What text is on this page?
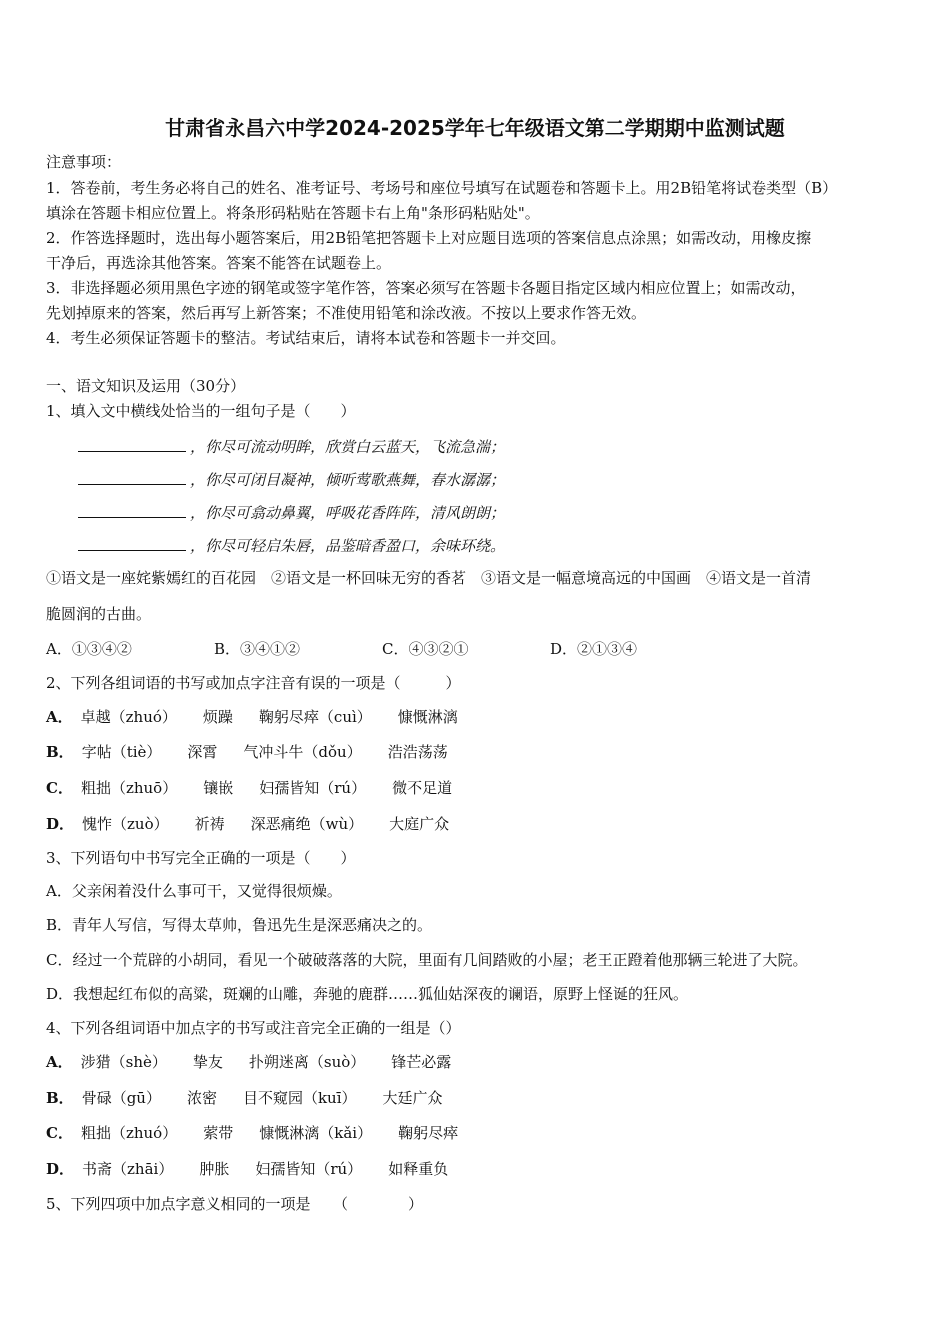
甘肃省永昌六中学2024-2025学年七年级语文第二学期期中监测试题
注意事项：
1．答卷前，考生务必将自己的姓名、准考证号、考场号和座位号填写在试题卷和答题卡上。用2B铅笔将试卷类型（B）
填涂在答题卡相应位置上。将条形码粘贴在答题卡右上角"条形码粘贴处"。
2．作答选择题时，选出每小题答案后，用2B铅笔把答题卡上对应题目选项的答案信息点涂黑；如需改动，用橡皮擦
干净后，再选涂其他答案。答案不能答在试题卷上。
3．非选择题必须用黑色字迹的钢笔或签字笔作答，答案必须写在答题卡各题目指定区域内相应位置上；如需改动，
先划掉原来的答案，然后再写上新答案；不准使用铅笔和涂改液。不按以上要求作答无效。
4．考生必须保证答题卡的整洁。考试结束后，请将本试卷和答题卡一并交回。
一、语文知识及运用（30分）
1、填入文中横线处恰当的一组句子是（　　）
，你尽可流动明眸，欣赏白云蓝天，飞流急湍；
，你尽可闭目凝神，倾听莺歌燕舞，春水潺潺；
，你尽可翕动鼻翼，呼吸花香阵阵，清风朗朗；
，你尽可轻启朱唇，品鉴暗香盈口，余味环绕。
①语文是一座姹紫嫣红的百花园　②语文是一杯回味无穷的香茗　③语文是一幅意境高远的中国画　④语文是一首清
脆圆润的古曲。
A．①③④②	B．③④①②	C．④③②①	D．②①③④
2、下列各组词语的书写或加点字注音有误的一项是（　　　）
A． 卓越（zhuó） 烦躁 鞠躬尽瘁（cuì） 慷慨淋漓
B． 字帖（tiè） 深霄 气冲斗牛（dǒu） 浩浩荡荡
C． 粗拙（zhuō） 镶嵌 妇孺皆知（rú） 微不足道
D． 愧怍（zuò） 祈祷 深恶痛绝（wù） 大庭广众
3、下列语句中书写完全正确的一项是（　　）
A．父亲闲着没什么事可干，又觉得很烦燥。
B．青年人写信，写得太草帅，鲁迅先生是深恶痛决之的。
C．经过一个荒辟的小胡同，看见一个破破落落的大院，里面有几间踏败的小屋；老王正蹬着他那辆三轮进了大院。
D．我想起红布似的高粱，斑斓的山雕，奔驰的鹿群……狐仙姑深夜的谰语，原野上怪诞的狂风。
4、下列各组词语中加点字的书写或注音完全正确的一组是（）
A． 涉猎（shè） 挚友 扑朔迷离（suò） 锋芒必露
B． 骨碌（gū） 浓密 目不窥园（kuī） 大廷广众
C． 粗拙（zhuó） 萦带 慷慨淋漓（kǎi） 鞠躬尽瘁
D． 书斋（zhāi） 肿胀 妇孺皆知（rú） 如释重负
5、下列四项中加点字意义相同的一项是　　（　　　　）
